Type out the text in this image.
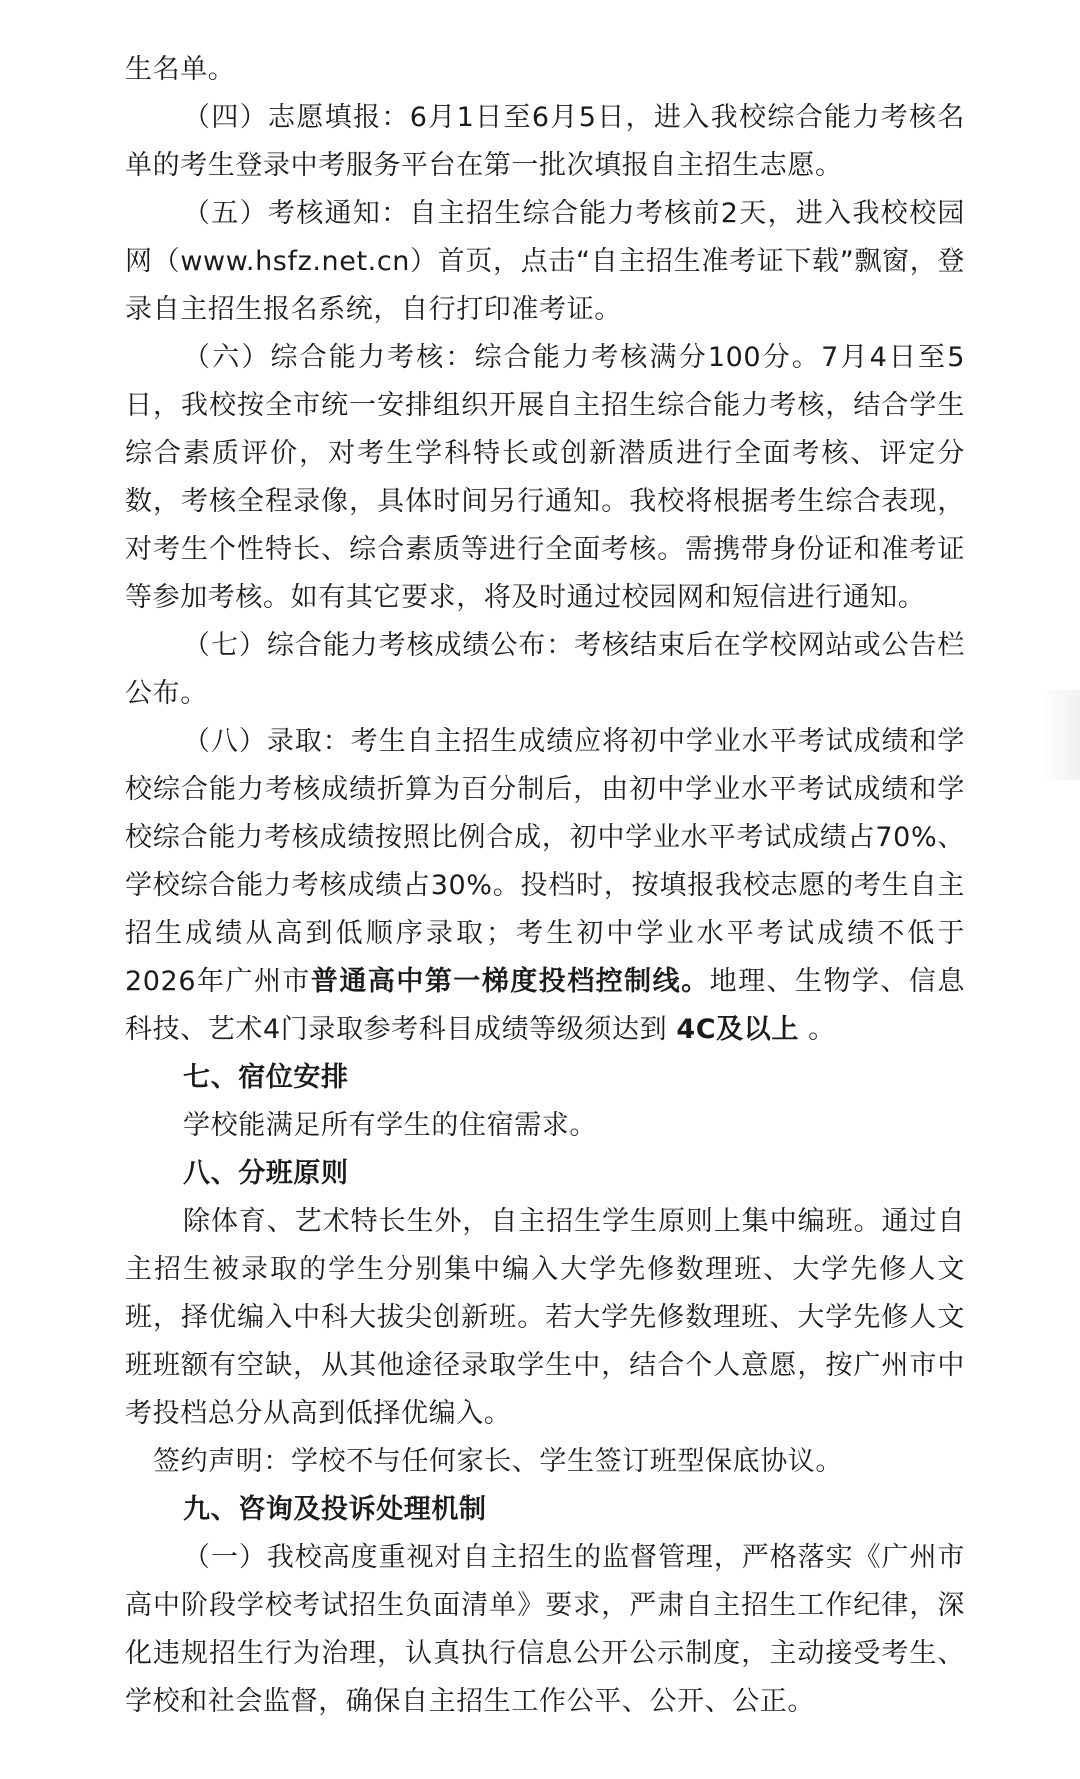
生名单。

（四）志愿填报：6月1日至6月5日，进入我校综合能力考核名单的考生登录中考服务平台在第一批次填报自主招生志愿。

（五）考核通知：自主招生综合能力考核前2天，进入我校校园网（www.hsfz.net.cn）首页，点击“自主招生准考证下载”飘窗，登录自主招生报名系统，自行打印准考证。

（六）综合能力考核：综合能力考核满分100分。7月4日至5日，我校按全市统一安排组织开展自主招生综合能力考核，结合学生综合素质评价，对考生学科特长或创新潜质进行全面考核、评定分数，考核全程录像，具体时间另行通知。我校将根据考生综合表现，对考生个性特长、综合素质等进行全面考核。需携带身份证和准考证等参加考核。如有其它要求，将及时通过校园网和短信进行通知。

（七）综合能力考核成绩公布：考核结束后在学校网站或公告栏公布。

（八）录取：考生自主招生成绩应将初中学业水平考试成绩和学校综合能力考核成绩折算为百分制后，由初中学业水平考试成绩和学校综合能力考核成绩按照比例合成，初中学业水平考试成绩占70%、学校综合能力考核成绩占30%。投档时，按填报我校志愿的考生自主招生成绩从高到低顺序录取；考生初中学业水平考试成绩不低于2026年广州市普通高中第一梯度投档控制线。地理、生物学、信息科技、艺术4门录取参考科目成绩等级须达到 4C及以上 。

七、宿位安排

学校能满足所有学生的住宿需求。

八、分班原则

除体育、艺术特长生外，自主招生学生原则上集中编班。通过自主招生被录取的学生分别集中编入大学先修数理班、大学先修人文班，择优编入中科大拔尖创新班。若大学先修数理班、大学先修人文班班额有空缺，从其他途径录取学生中，结合个人意愿，按广州市中考投档总分从高到低择优编入。

签约声明：学校不与任何家长、学生签订班型保底协议。

九、咨询及投诉处理机制

（一）我校高度重视对自主招生的监督管理，严格落实《广州市高中阶段学校考试招生负面清单》要求，严肃自主招生工作纪律，深化违规招生行为治理，认真执行信息公开公示制度，主动接受考生、学校和社会监督，确保自主招生工作公平、公开、公正。
